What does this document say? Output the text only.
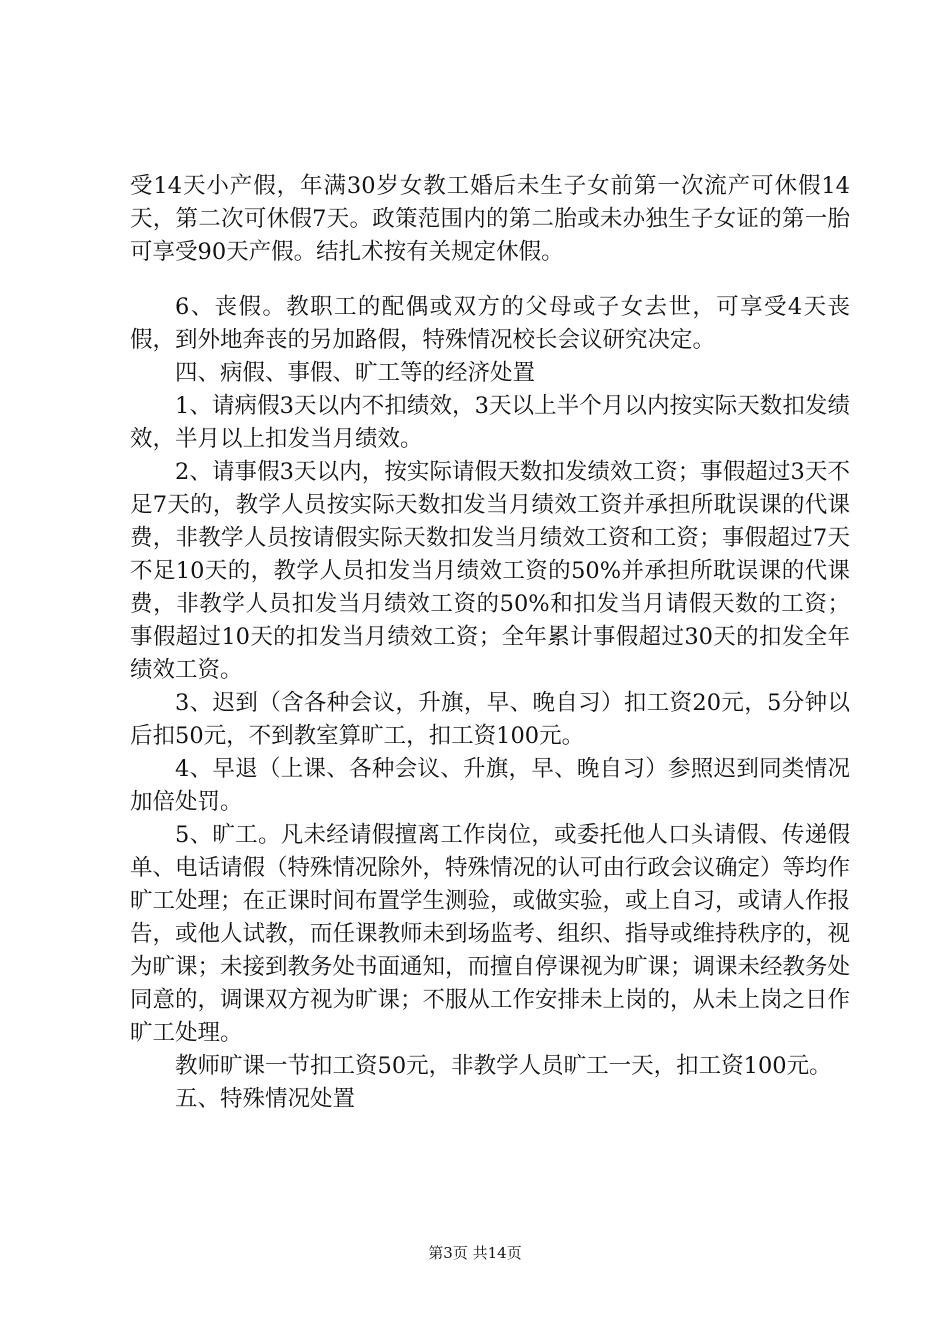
受14天小产假，年满30岁女教工婚后未生子女前第一次流产可休假14天，第二次可休假7天。政策范围内的第二胎或未办独生子女证的第一胎可享受90天产假。结扎术按有关规定休假。

6、丧假。教职工的配偶或双方的父母或子女去世，可享受4天丧假，到外地奔丧的另加路假，特殊情况校长会议研究决定。

四、病假、事假、旷工等的经济处置

1、请病假3天以内不扣绩效，3天以上半个月以内按实际天数扣发绩效，半月以上扣发当月绩效。

2、请事假3天以内，按实际请假天数扣发绩效工资；事假超过3天不足7天的，教学人员按实际天数扣发当月绩效工资并承担所耽误课的代课费，非教学人员按请假实际天数扣发当月绩效工资和工资；事假超过7天不足10天的，教学人员扣发当月绩效工资的50%并承担所耽误课的代课费，非教学人员扣发当月绩效工资的50%和扣发当月请假天数的工资；事假超过10天的扣发当月绩效工资；全年累计事假超过30天的扣发全年绩效工资。

3、迟到（含各种会议，升旗，早、晚自习）扣工资20元，5分钟以后扣50元，不到教室算旷工，扣工资100元。

4、早退（上课、各种会议、升旗，早、晚自习）参照迟到同类情况加倍处罚。

5、旷工。凡未经请假擅离工作岗位，或委托他人口头请假、传递假单、电话请假（特殊情况除外，特殊情况的认可由行政会议确定）等均作旷工处理；在正课时间布置学生测验，或做实验，或上自习，或请人作报告，或他人试教，而任课教师未到场监考、组织、指导或维持秩序的，视为旷课；未接到教务处书面通知，而擅自停课视为旷课；调课未经教务处同意的，调课双方视为旷课；不服从工作安排未上岗的，从未上岗之日作旷工处理。

教师旷课一节扣工资50元，非教学人员旷工一天，扣工资100元。

五、特殊情况处置

第3页 共14页
